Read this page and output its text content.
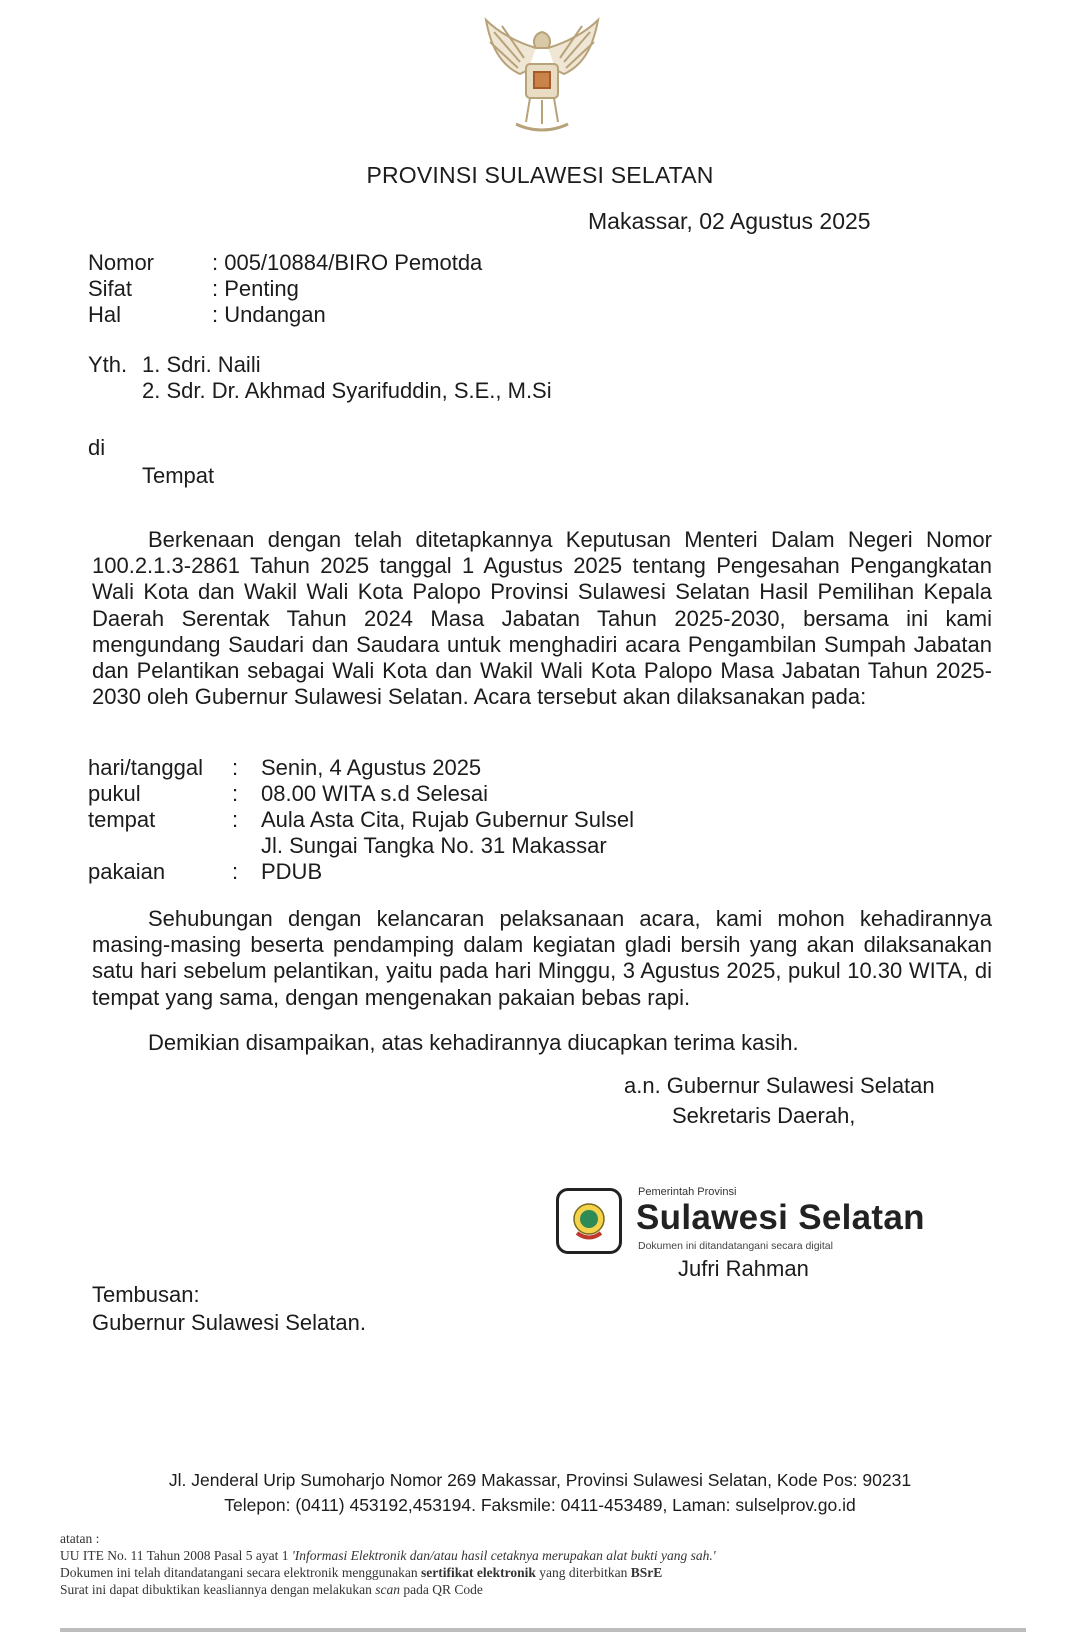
PROVINSI SULAWESI SELATAN
Makassar, 02 Agustus 2025
Nomor	: 005/10884/BIRO Pemotda
Sifat	: Penting
Hal	: Undangan
Yth. 1. Sdri. Naili
2. Sdr. Dr. Akhmad Syarifuddin, S.E., M.Si
di
Tempat
Berkenaan dengan telah ditetapkannya Keputusan Menteri Dalam Negeri Nomor 100.2.1.3-2861 Tahun 2025 tanggal 1 Agustus 2025 tentang Pengesahan Pengangkatan Wali Kota dan Wakil Wali Kota Palopo Provinsi Sulawesi Selatan Hasil Pemilihan Kepala Daerah Serentak Tahun 2024 Masa Jabatan Tahun 2025-2030, bersama ini kami mengundang Saudari dan Saudara untuk menghadiri acara Pengambilan Sumpah Jabatan dan Pelantikan sebagai Wali Kota dan Wakil Wali Kota Palopo Masa Jabatan Tahun 2025-2030 oleh Gubernur Sulawesi Selatan. Acara tersebut akan dilaksanakan pada:
hari/tanggal : Senin, 4 Agustus 2025
pukul	: 08.00 WITA s.d Selesai
tempat	: Aula Asta Cita, Rujab Gubernur Sulsel
Jl. Sungai Tangka No. 31 Makassar
pakaian	: PDUB
Sehubungan dengan kelancaran pelaksanaan acara, kami mohon kehadirannya masing-masing beserta pendamping dalam kegiatan gladi bersih yang akan dilaksanakan satu hari sebelum pelantikan, yaitu pada hari Minggu, 3 Agustus 2025, pukul 10.30 WITA, di tempat yang sama, dengan mengenakan pakaian bebas rapi.
Demikian disampaikan, atas kehadirannya diucapkan terima kasih.
a.n. Gubernur Sulawesi Selatan
Sekretaris Daerah,
Pemerintah Provinsi
Sulawesi Selatan
Dokumen ini ditandatangani secara digital
Jufri Rahman
Tembusan:
Gubernur Sulawesi Selatan.
Jl. Jenderal Urip Sumoharjo Nomor 269 Makassar, Provinsi Sulawesi Selatan, Kode Pos: 90231
Telepon: (0411) 453192,453194. Faksmile: 0411-453489, Laman: sulselprov.go.id
atatan :
UU ITE No. 11 Tahun 2008 Pasal 5 ayat 1 'Informasi Elektronik dan/atau hasil cetaknya merupakan alat bukti yang sah.'
Dokumen ini telah ditandatangani secara elektronik menggunakan sertifikat elektronik yang diterbitkan BSrE
Surat ini dapat dibuktikan keasliannya dengan melakukan scan pada QR Code
